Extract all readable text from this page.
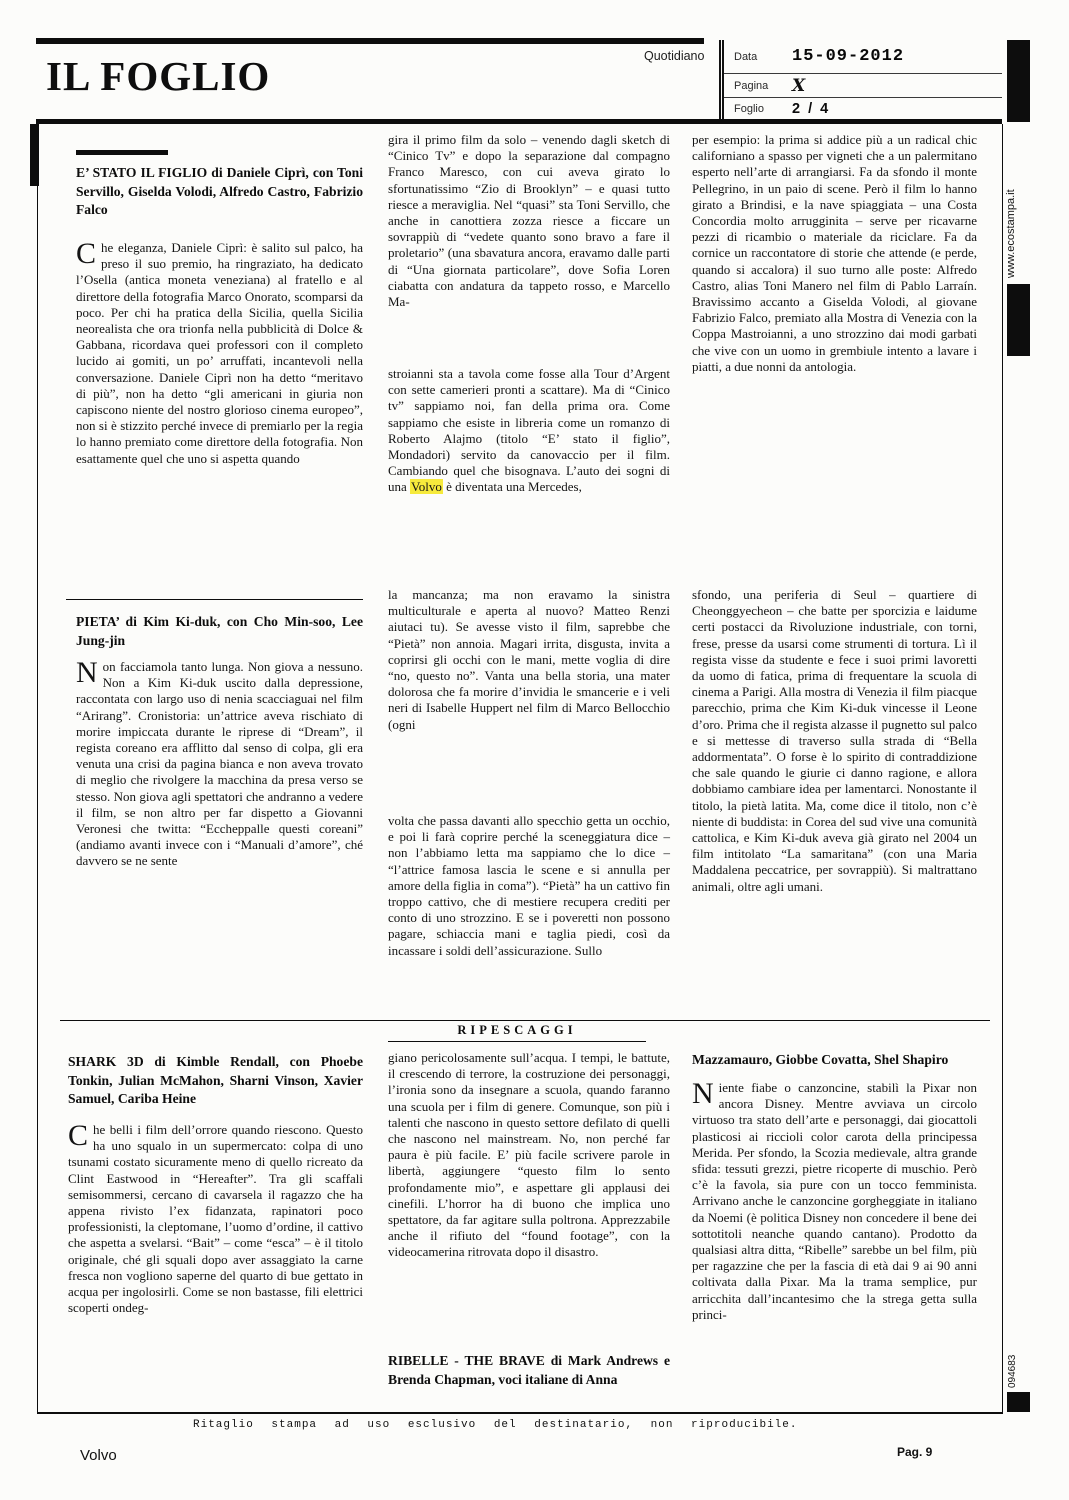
IL FOGLIO	Quotidiano	Data	15-09-2012
Pagina	X
Foglio	2 / 4
www.ecostampa.it
094683
E’ STATO IL FIGLIO di Daniele Ciprì, con Toni Servillo, Giselda Volodi, Alfredo Castro, Fabrizio Falco
Che eleganza, Daniele Ciprì: è salito sul palco, ha preso il suo premio, ha ringraziato, ha dedicato l’Osella (antica moneta veneziana) al fratello e al direttore della fotografia Marco Onorato, scomparsi da poco. Per chi ha pratica della Sicilia, quella Sicilia neorealista che ora trionfa nella pubblicità di Dolce & Gabbana, ricordava quei professori con il completo lucido ai gomiti, un po’ arruffati, incantevoli nella conversazione. Daniele Ciprì non ha detto “meritavo di più”, non ha detto “gli americani in giuria non capiscono niente del nostro glorioso cinema europeo”, non si è stizzito perché invece di premiarlo per la regia lo hanno premiato come direttore della fotografia. Non esattamente quel che uno si aspetta quando
gira il primo film da solo – venendo dagli sketch di “Cinico Tv” e dopo la separazione dal compagno Franco Maresco, con cui aveva girato lo sfortunatissimo “Zio di Brooklyn” – e quasi tutto riesce a meraviglia. Nel “quasi” sta Toni Servillo, che anche in canottiera zozza riesce a ficcare un sovrappiù di “vedete quanto sono bravo a fare il proletario” (una sbavatura ancora, eravamo dalle parti di “Una giornata particolare”, dove Sofia Loren ciabatta con andatura da tappeto rosso, e Marcello Ma-
stroianni sta a tavola come fosse alla Tour d’Argent con sette camerieri pronti a scattare). Ma di “Cinico tv” sappiamo noi, fan della prima ora. Come sappiamo che esiste in libreria come un romanzo di Roberto Alajmo (titolo “E’ stato il figlio”, Mondadori) servito da canovaccio per il film. Cambiando quel che bisognava. L’auto dei sogni di una Volvo è diventata una Mercedes,
per esempio: la prima si addice più a un radical chic californiano a spasso per vigneti che a un palermitano esperto nell’arte di arrangiarsi. Fa da sfondo il monte Pellegrino, in un paio di scene. Però il film lo hanno girato a Brindisi, e la nave spiaggiata – una Costa Concordia molto arrugginita – serve per ricavarne pezzi di ricambio o materiale da riciclare. Fa da cornice un raccontatore di storie che attende (e perde, quando si accalora) il suo turno alle poste: Alfredo Castro, alias Toni Manero nel film di Pablo Larraín. Bravissimo accanto a Giselda Volodi, al giovane Fabrizio Falco, premiato alla Mostra di Venezia con la Coppa Mastroianni, a uno strozzino dai modi garbati che vive con un uomo in grembiule intento a lavare i piatti, a due nonni da antologia.
PIETA’ di Kim Ki-duk, con Cho Min-soo, Lee Jung-jin
Non facciamola tanto lunga. Non giova a nessuno. Non a Kim Ki-duk uscito dalla depressione, raccontata con largo uso di nenia scacciaguai nel film “Arirang”. Cronistoria: un’attrice aveva rischiato di morire impiccata durante le riprese di “Dream”, il regista coreano era afflitto dal senso di colpa, gli era venuta una crisi da pagina bianca e non aveva trovato di meglio che rivolgere la macchina da presa verso se stesso. Non giova agli spettatori che andranno a vedere il film, se non altro per far dispetto a Giovanni Veronesi che twitta: “Eccheppalle questi coreani” (andiamo avanti invece con i “Manuali d’amore”, ché davvero se ne sente
la mancanza; ma non eravamo la sinistra multiculturale e aperta al nuovo? Matteo Renzi aiutaci tu). Se avesse visto il film, saprebbe che “Pietà” non annoia. Magari irrita, disgusta, invita a coprirsi gli occhi con le mani, mette voglia di dire “no, questo no”. Vanta una bella storia, una mater dolorosa che fa morire d’invidia le smancerie e i veli neri di Isabelle Huppert nel film di Marco Bellocchio (ogni
volta che passa davanti allo specchio getta un occhio, e poi li farà coprire perché la sceneggiatura dice – non l’abbiamo letta ma sappiamo che lo dice – “l’attrice famosa lascia le scene e si annulla per amore della figlia in coma”). “Pietà” ha un cattivo fin troppo cattivo, che di mestiere recupera crediti per conto di uno strozzino. E se i poveretti non possono pagare, schiaccia mani e taglia piedi, così da incassare i soldi dell’assicurazione. Sullo
sfondo, una periferia di Seul – quartiere di Cheonggyecheon – che batte per sporcizia e laidume certi postacci da Rivoluzione industriale, con torni, frese, presse da usarsi come strumenti di tortura. Lì il regista visse da studente e fece i suoi primi lavoretti da uomo di fatica, prima di frequentare la scuola di cinema a Parigi. Alla mostra di Venezia il film piacque parecchio, prima che Kim Ki-duk vincesse il Leone d’oro. Prima che il regista alzasse il pugnetto sul palco e si mettesse di traverso sulla strada di “Bella addormentata”. O forse è lo spirito di contraddizione che sale quando le giurie ci danno ragione, e allora dobbiamo cambiare idea per lamentarci. Nonostante il titolo, la pietà latita. Ma, come dice il titolo, non c’è niente di buddista: in Corea del sud vive una comunità cattolica, e Kim Ki-duk aveva già girato nel 2004 un film intitolato “La samaritana” (con una Maria Maddalena peccatrice, per sovrappiù). Si maltrattano animali, oltre agli umani.
RIPESCAGGI
SHARK 3D di Kimble Rendall, con Phoebe Tonkin, Julian McMahon, Sharni Vinson, Xavier Samuel, Cariba Heine
Che belli i film dell’orrore quando riescono. Questo ha uno squalo in un supermercato: colpa di uno tsunami costato sicuramente meno di quello ricreato da Clint Eastwood in “Hereafter”. Tra gli scaffali semisommersi, cercano di cavarsela il ragazzo che ha appena rivisto l’ex fidanzata, rapinatori poco professionisti, la cleptomane, l’uomo d’ordine, il cattivo che aspetta a svelarsi. “Bait” – come “esca” – è il titolo originale, ché gli squali dopo aver assaggiato la carne fresca non vogliono saperne del quarto di bue gettato in acqua per ingolosirli. Come se non bastasse, fili elettrici scoperti ondeg-
giano pericolosamente sull’acqua. I tempi, le battute, il crescendo di terrore, la costruzione dei personaggi, l’ironia sono da insegnare a scuola, quando faranno una scuola per i film di genere. Comunque, son più i talenti che nascono in questo settore defilato di quelli che nascono nel mainstream. No, non perché far paura è più facile. E’ più facile scrivere parole in libertà, aggiungere “questo film lo sento profondamente mio”, e aspettare gli applausi dei cinefili. L’horror ha di buono che implica uno spettatore, da far agitare sulla poltrona. Apprezzabile anche il rifiuto del “found footage”, con la videocamerina ritrovata dopo il disastro.
RIBELLE - THE BRAVE di Mark Andrews e Brenda Chapman, voci italiane di Anna
Mazzamauro, Giobbe Covatta, Shel Shapiro
Niente fiabe o canzoncine, stabilì la Pixar non ancora Disney. Mentre avviava un circolo virtuoso tra stato dell’arte e personaggi, dai giocattoli plasticosi ai riccioli color carota della principessa Merida. Per sfondo, la Scozia medievale, altra grande sfida: tessuti grezzi, pietre ricoperte di muschio. Però c’è la favola, sia pure con un tocco femminista. Arrivano anche le canzoncine gorgheggiate in italiano da Noemi (è politica Disney non concedere il bene dei sottotitoli neanche quando cantano). Prodotto da qualsiasi altra ditta, “Ribelle” sarebbe un bel film, più per ragazzine che per la fascia di età dai 9 ai 90 anni coltivata dalla Pixar. Ma la trama semplice, pur arricchita dall’incantesimo che la strega getta sulla princi-
Ritaglio stampa ad uso esclusivo del destinatario, non riproducibile.
Volvo	Pag. 9
